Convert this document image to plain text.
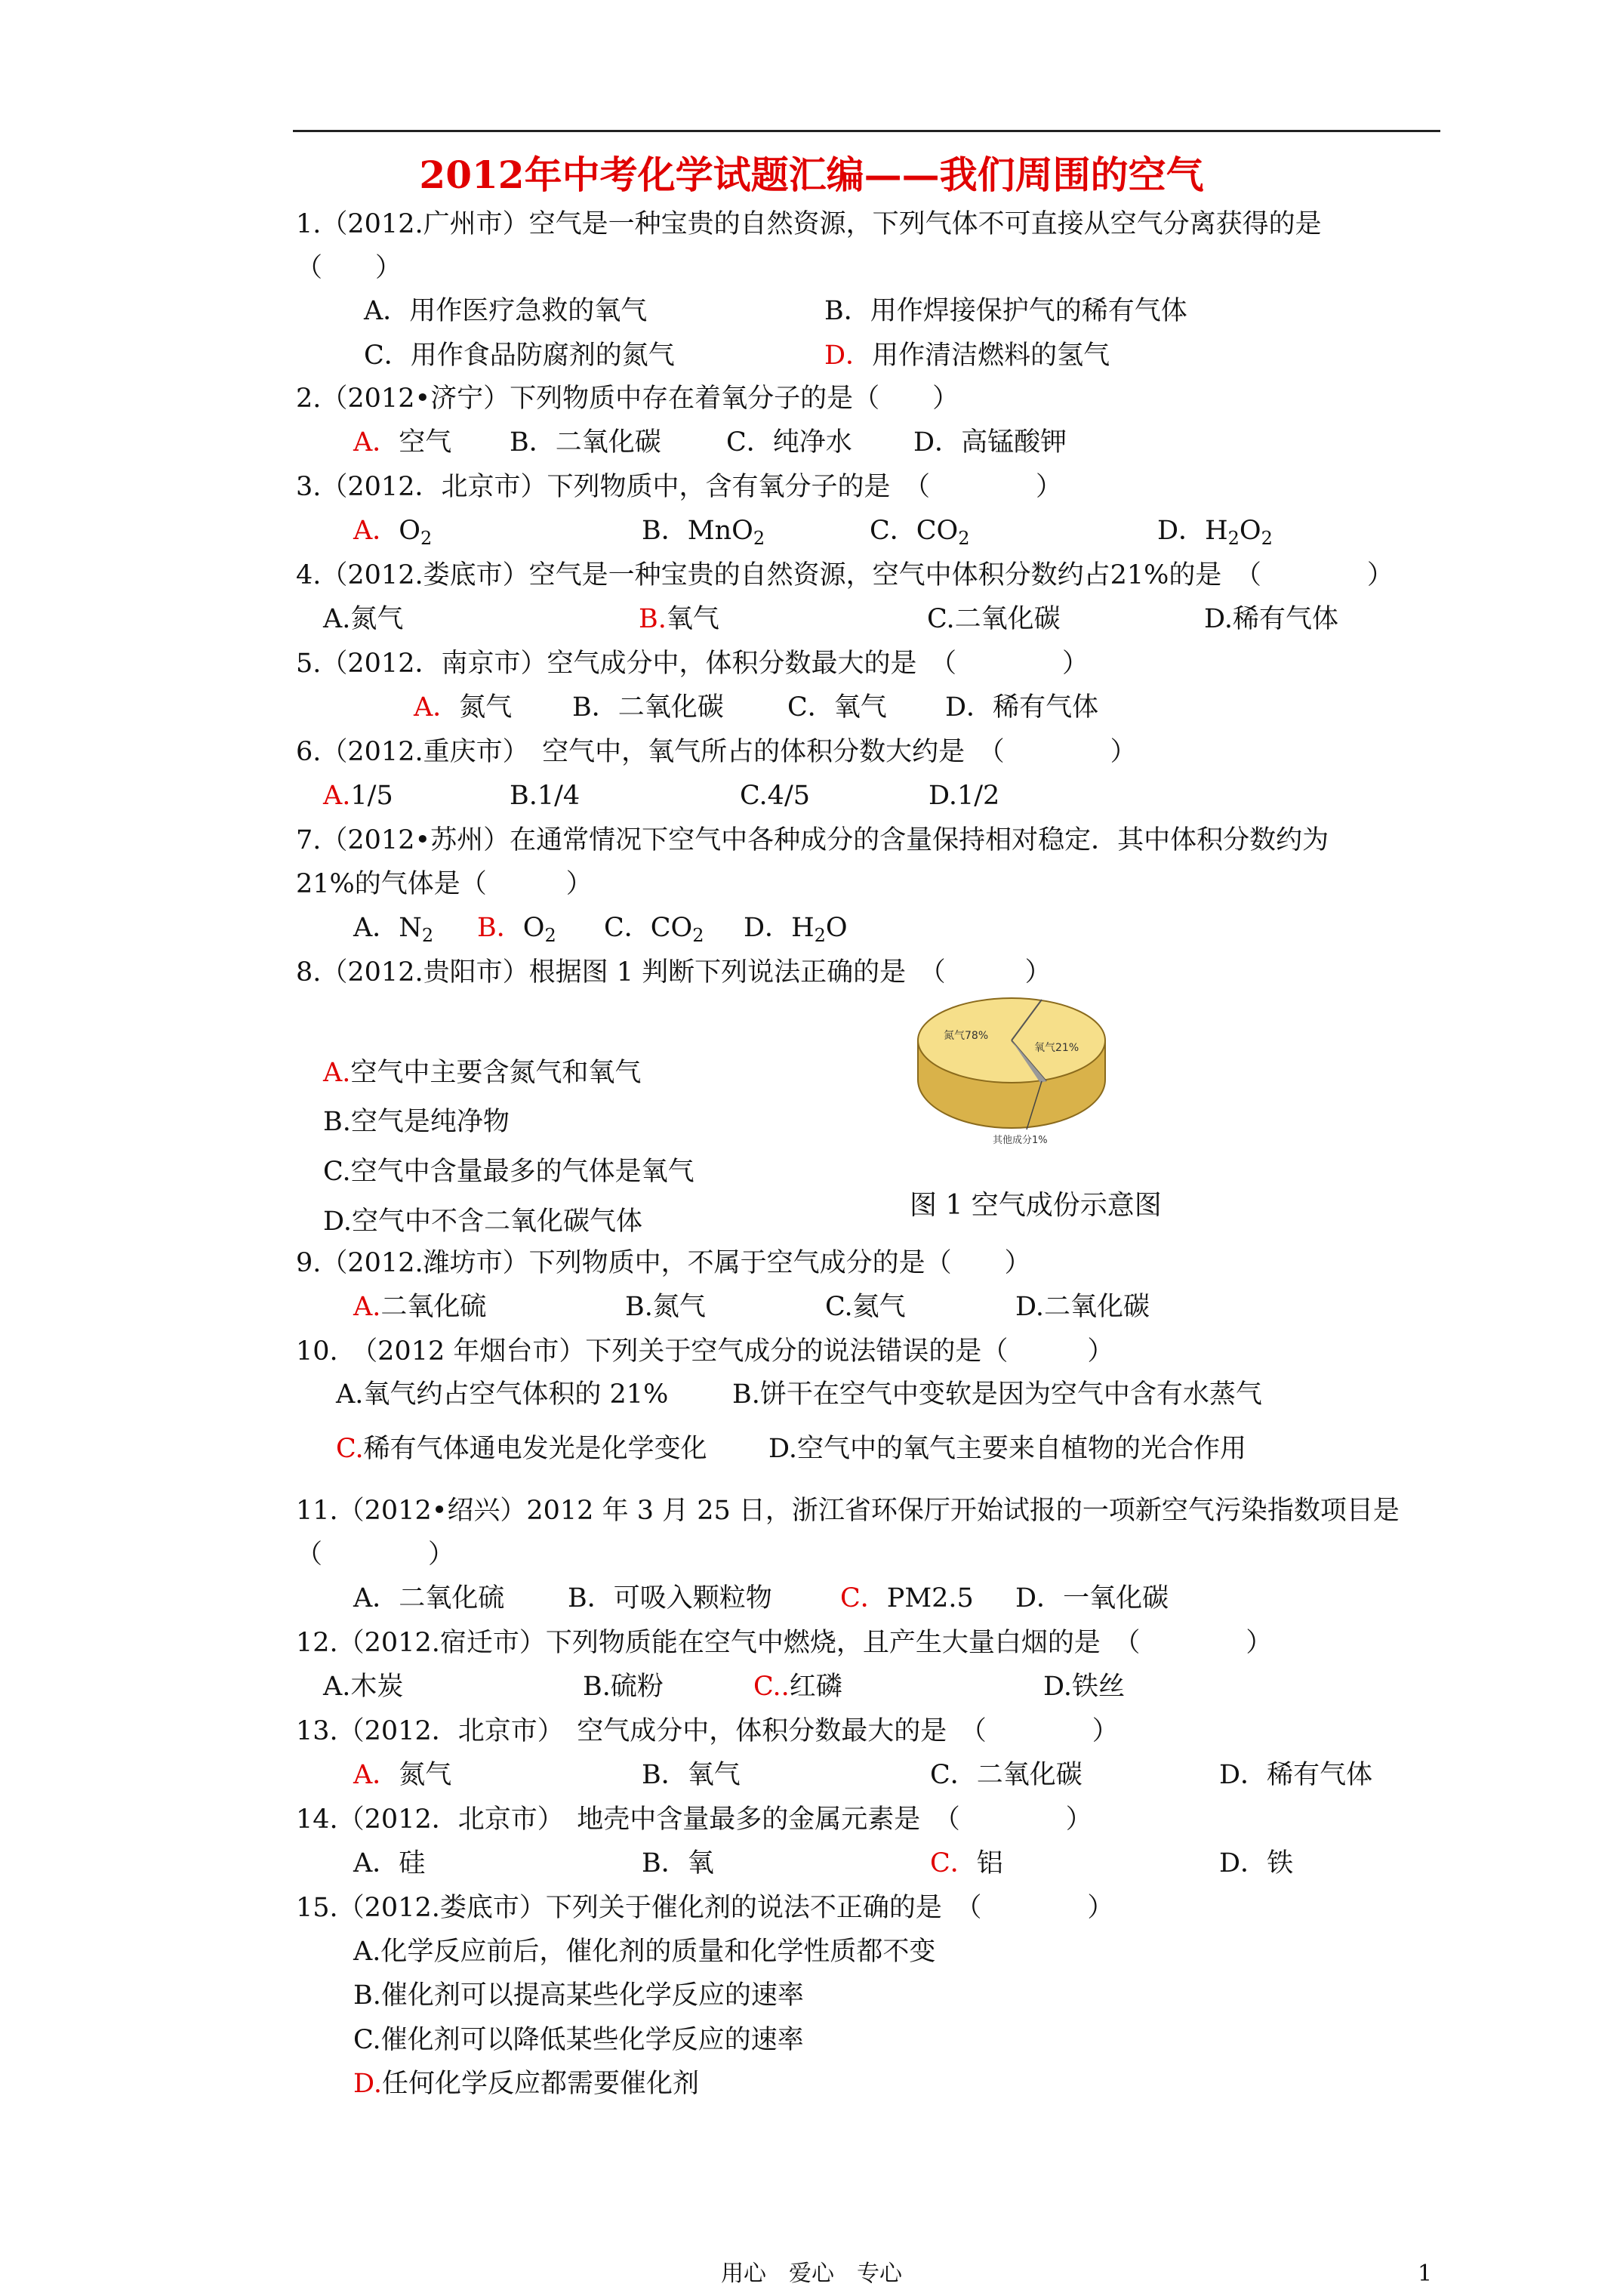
2012年中考化学试题汇编——我们周围的空气
1.（2012.广州市）空气是一种宝贵的自然资源，下列气体不可直接从空气分离获得的是
（　　）
A．用作医疗急救的氧气	B．用作焊接保护气的稀有气体
C．用作食品防腐剂的氮气	D．用作清洁燃料的氢气
2.（2012•济宁）下列物质中存在着氧分子的是（　　）
A．空气 B．二氧化碳 C．纯净水 D．高锰酸钾
3.（2012．北京市）下列物质中，含有氧分子的是　（　　　　）
A．$O_2$	B．MnO$_2$	C．$CO_2$	D．$H_2O_2$
4.（2012.娄底市）空气是一种宝贵的自然资源，空气中体积分数约占21%的是　（　　　　）
A.氮气	B.氧气	C.二氧化碳	D.稀有气体
5.（2012．南京市）空气成分中，体积分数最大的是　（　　　　）
A．氮气 B．二氧化碳 C．氧气 D．稀有气体
6.（2012.重庆市）　空气中，氧气所占的体积分数大约是　（　　　　）
A.1/5	B.1/4	C.4/5	D.1/2
7.（2012•苏州）在通常情况下空气中各种成分的含量保持相对稳定．其中体积分数约为
21%的气体是（　　　）
A．$N_2$ B．$O_2$ C．$CO_2$ D．$H_2O$
8.（2012.贵阳市）根据图 1 判断下列说法正确的是　（　　　）
A.空气中主要含氮气和氧气
B.空气是纯净物
C.空气中含量最多的气体是氧气
D.空气中不含二氧化碳气体
氮气78%
氧气21%
其他成分1%
图 1 空气成份示意图
9.（2012.潍坊市）下列物质中，不属于空气成分的是（　　）
A.二氧化硫	B.氮气	C.氦气	D.二氧化碳
10.　（2012 年烟台市）下列关于空气成分的说法错误的是（　　　）
A.氧气约占空气体积的 21% B.饼干在空气中变软是因为空气中含有水蒸气
C.稀有气体通电发光是化学变化 D.空气中的氧气主要来自植物的光合作用
11.（2012•绍兴）2012 年 3 月 25 日，浙江省环保厅开始试报的一项新空气污染指数项目是
（　　　　）
A．二氧化硫 B．可吸入颗粒物	C．PM2.5 D．一氧化碳
12.（2012.宿迁市）下列物质能在空气中燃烧，且产生大量白烟的是　（　　　　）
A.木炭	B.硫粉	C..红磷	D.铁丝
13.（2012．北京市）　空气成分中，体积分数最大的是　（　　　　）
A．氮气	B．氧气	C．二氧化碳	D．稀有气体
14.（2012．北京市）　地壳中含量最多的金属元素是　（　　　　）
A．硅	B．氧	C．铝	D．铁
15.（2012.娄底市）下列关于催化剂的说法不正确的是　（　　　　）
A.化学反应前后，催化剂的质量和化学性质都不变
B.催化剂可以提高某些化学反应的速率
C.催化剂可以降低某些化学反应的速率
D.任何化学反应都需要催化剂
用心　爱心　专心	1
